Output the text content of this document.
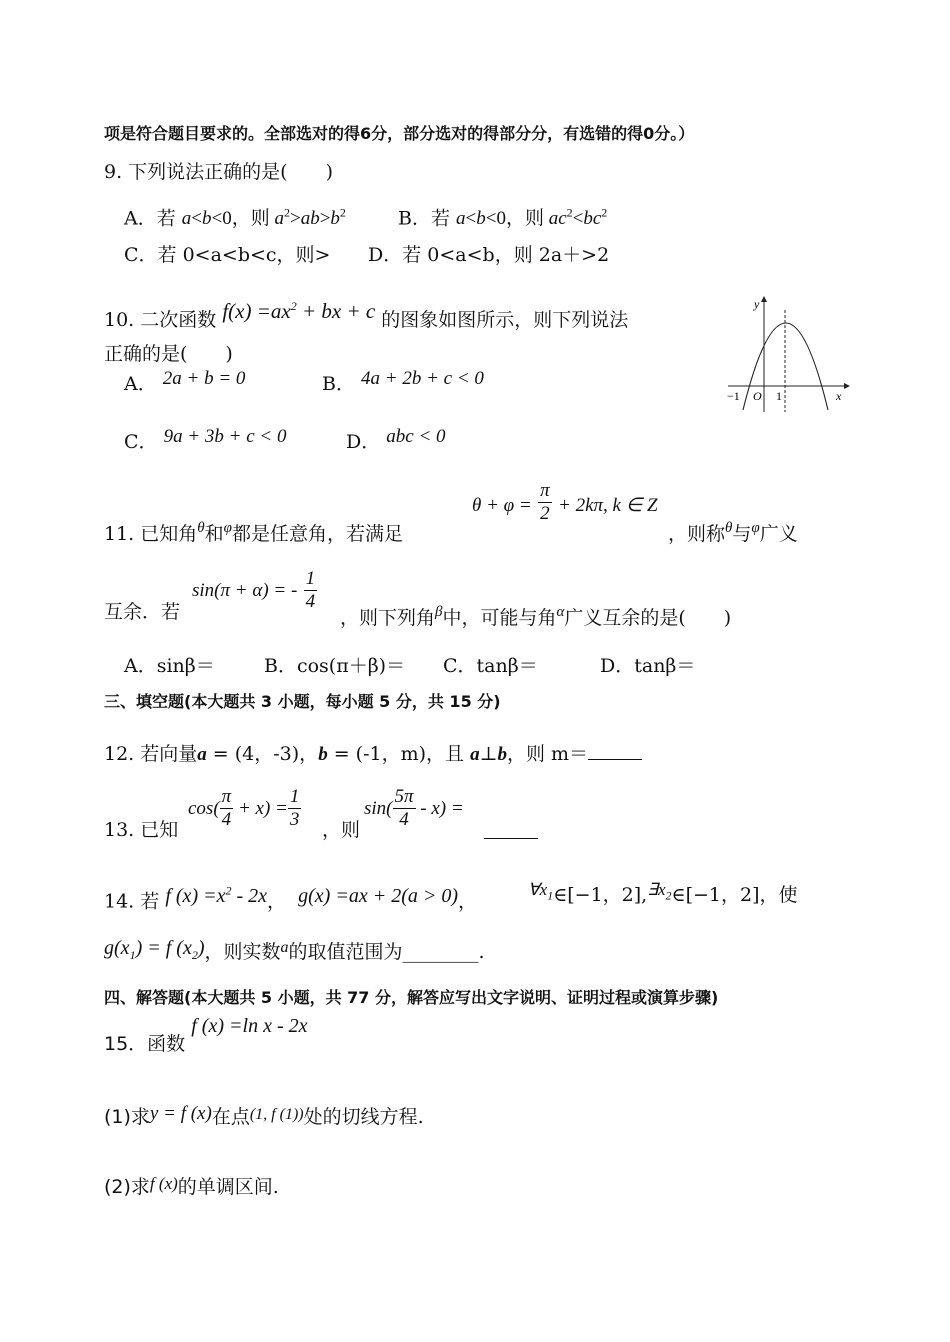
项是符合题目要求的。全部选对的得6分，部分选对的得部分分，有选错的得0分。）
9. 下列说法正确的是(　　)
A．若 a<b<0，则 $a^2>ab>b^2$	B．若 a<b<0，则 $ac^2<bc^2$
C．若 0<a<b<c，则> D．若 0<a<b，则 2a＋>2
10. 二次函数 $f(x) =ax^2$ + bx + c 的图象如图所示，则下列说法
正确的是(　　)
A． 2a + b = 0	B． 4a + 2b + c < 0
C． 9a + 3b + c < 0	D． abc < 0
y
x
−1 O 1
11. 已知角$^\theta$和$^\varphi$都是任意角，若满足
$\theta + \varphi = \frac{\pi}{2} + 2k\pi$, k ∈ Z
，则称$^\theta$与$^\varphi$广义
互余．若
sin(π + α) = - $\frac{1}{4}$
，则下列角$^\beta$中，可能与角$^\alpha$广义互余的是(　　)
A．sinβ＝	B．cos(π＋β)＝ C．tanβ＝	D．tanβ＝
三、填空题(本大题共 3 小题，每小题 5 分，共 15 分)
12. 若向量a = (4，-3)，b = (-1，m)，且 a⊥b，则 m＝
13. 已知
$\cos( \frac{\pi}{4} + x) = \frac{1}{3}$ ，则
$\sin( \frac{5\pi}{4} - x)$ =
14. 若 f $(x) =x^2 - 2x$， g(x) =ax + 2(a > 0)，
$\forall x_1\in[-1$，$2],\exists x_2\in[-1$，2]，使
$g(x_1) = f$ $(x_2)$，则实数$^a$的取值范围为________.
四、解答题(本大题共 5 小题，共 77 分，解答应写出文字说明、证明过程或演算步骤)
15．函数 f (x) =ln x - 2x
(1)求y = f (x)在点$^{(1, f (1))}$处的切线方程.
(2)求f (x)的单调区间.
